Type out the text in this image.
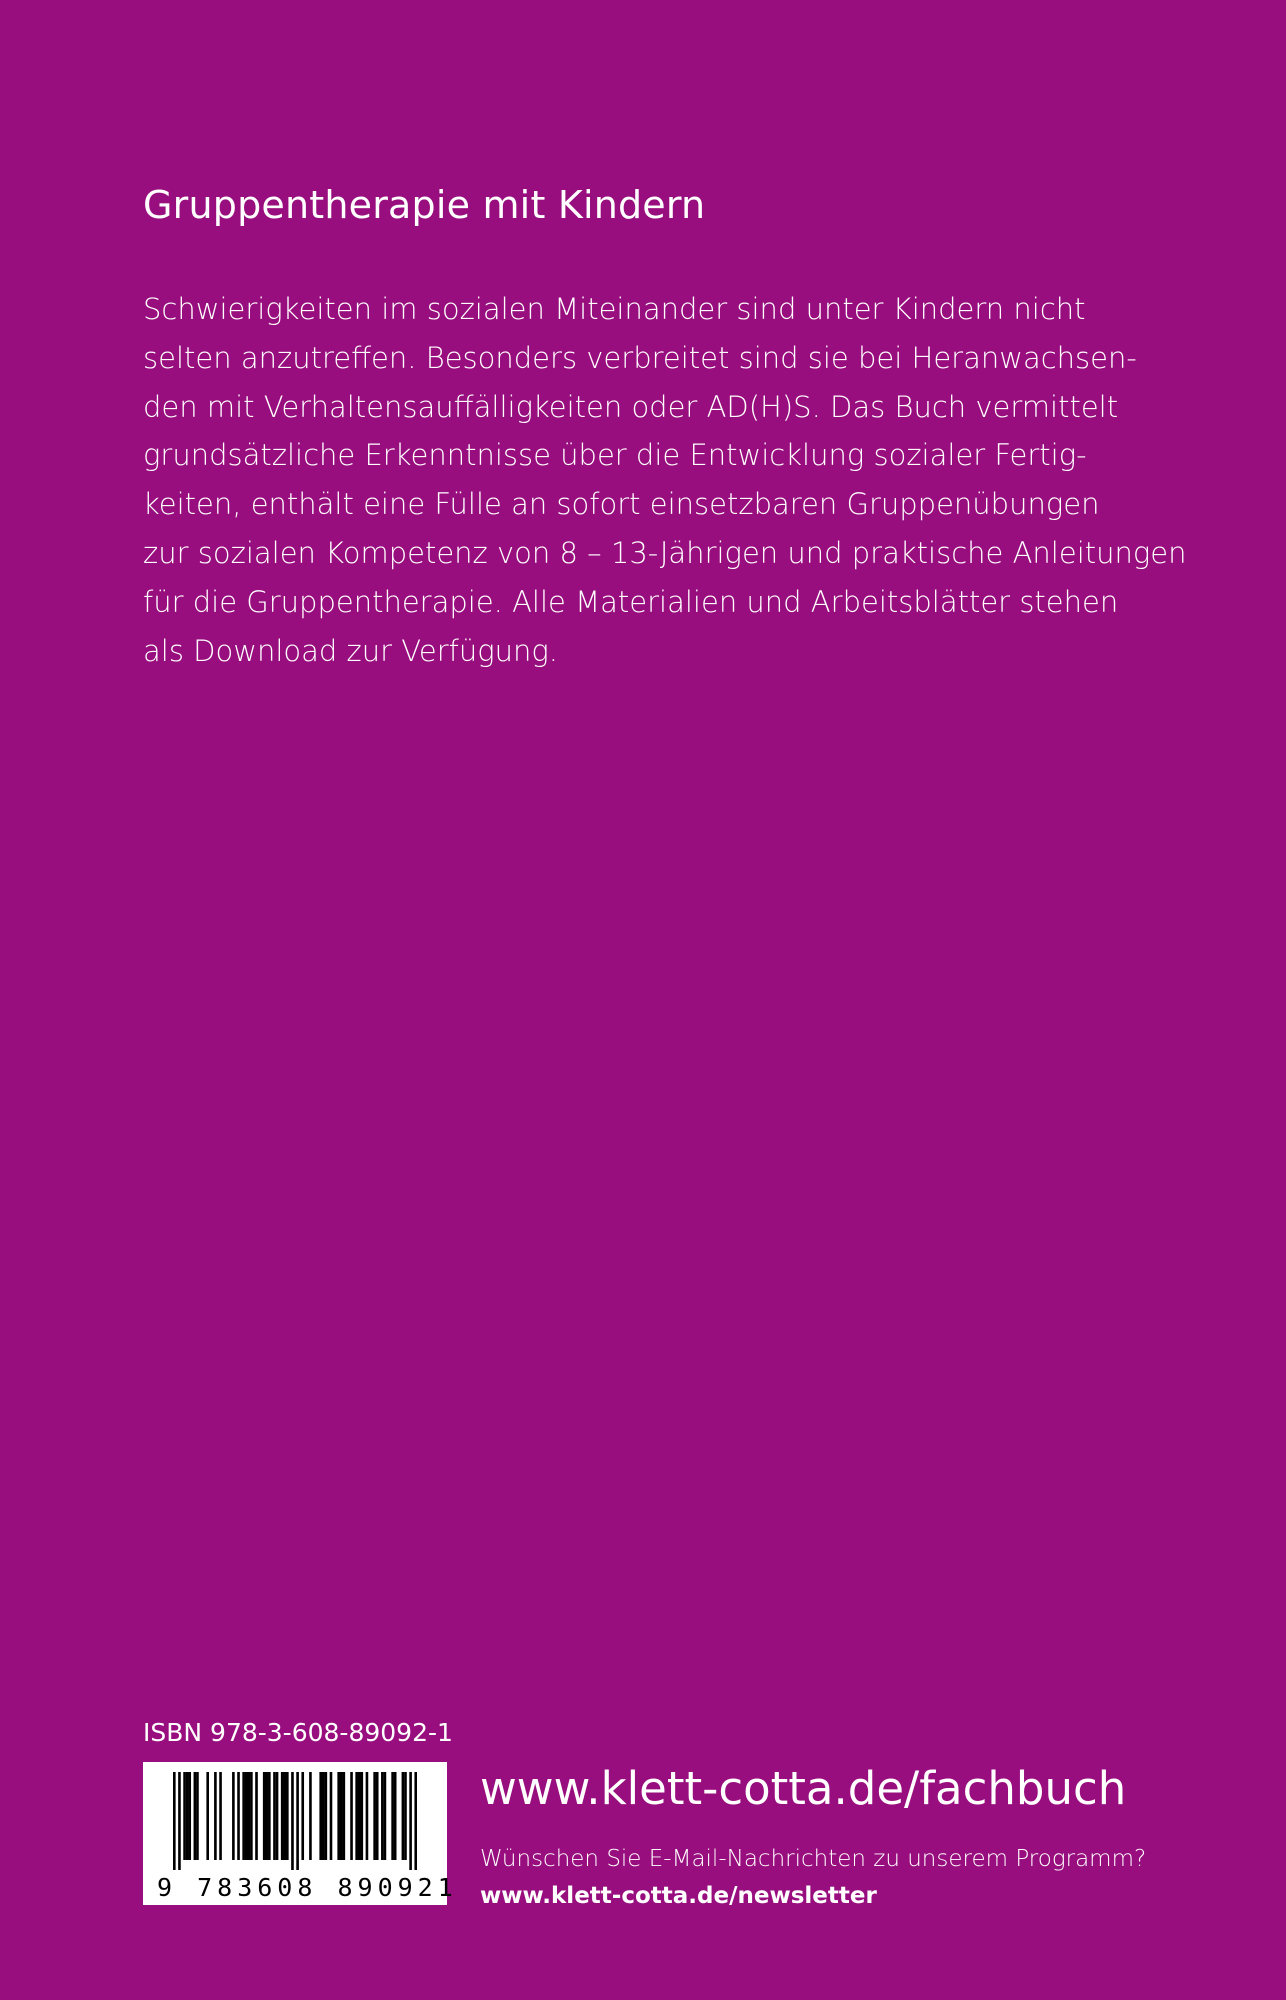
Gruppentherapie mit Kindern
Schwierigkeiten im sozialen Miteinander sind unter Kindern nicht
selten anzutreffen. Besonders verbreitet sind sie bei Heranwachsen-
den mit Verhaltensauffälligkeiten oder AD(H)S. Das Buch vermittelt
grundsätzliche Erkenntnisse über die Entwicklung sozialer Fertig-
keiten, enthält eine Fülle an sofort einsetzbaren Gruppenübungen
zur sozialen Kompetenz von 8 – 13-Jährigen und praktische Anleitungen
für die Gruppentherapie. Alle Materialien und Arbeitsblätter stehen
als Download zur Verfügung.
ISBN 978-3-608-89092-1
9 783608 890921
www.klett-cotta.de/fachbuch
Wünschen Sie E-Mail-Nachrichten zu unserem Programm?
www.klett-cotta.de/newsletter
